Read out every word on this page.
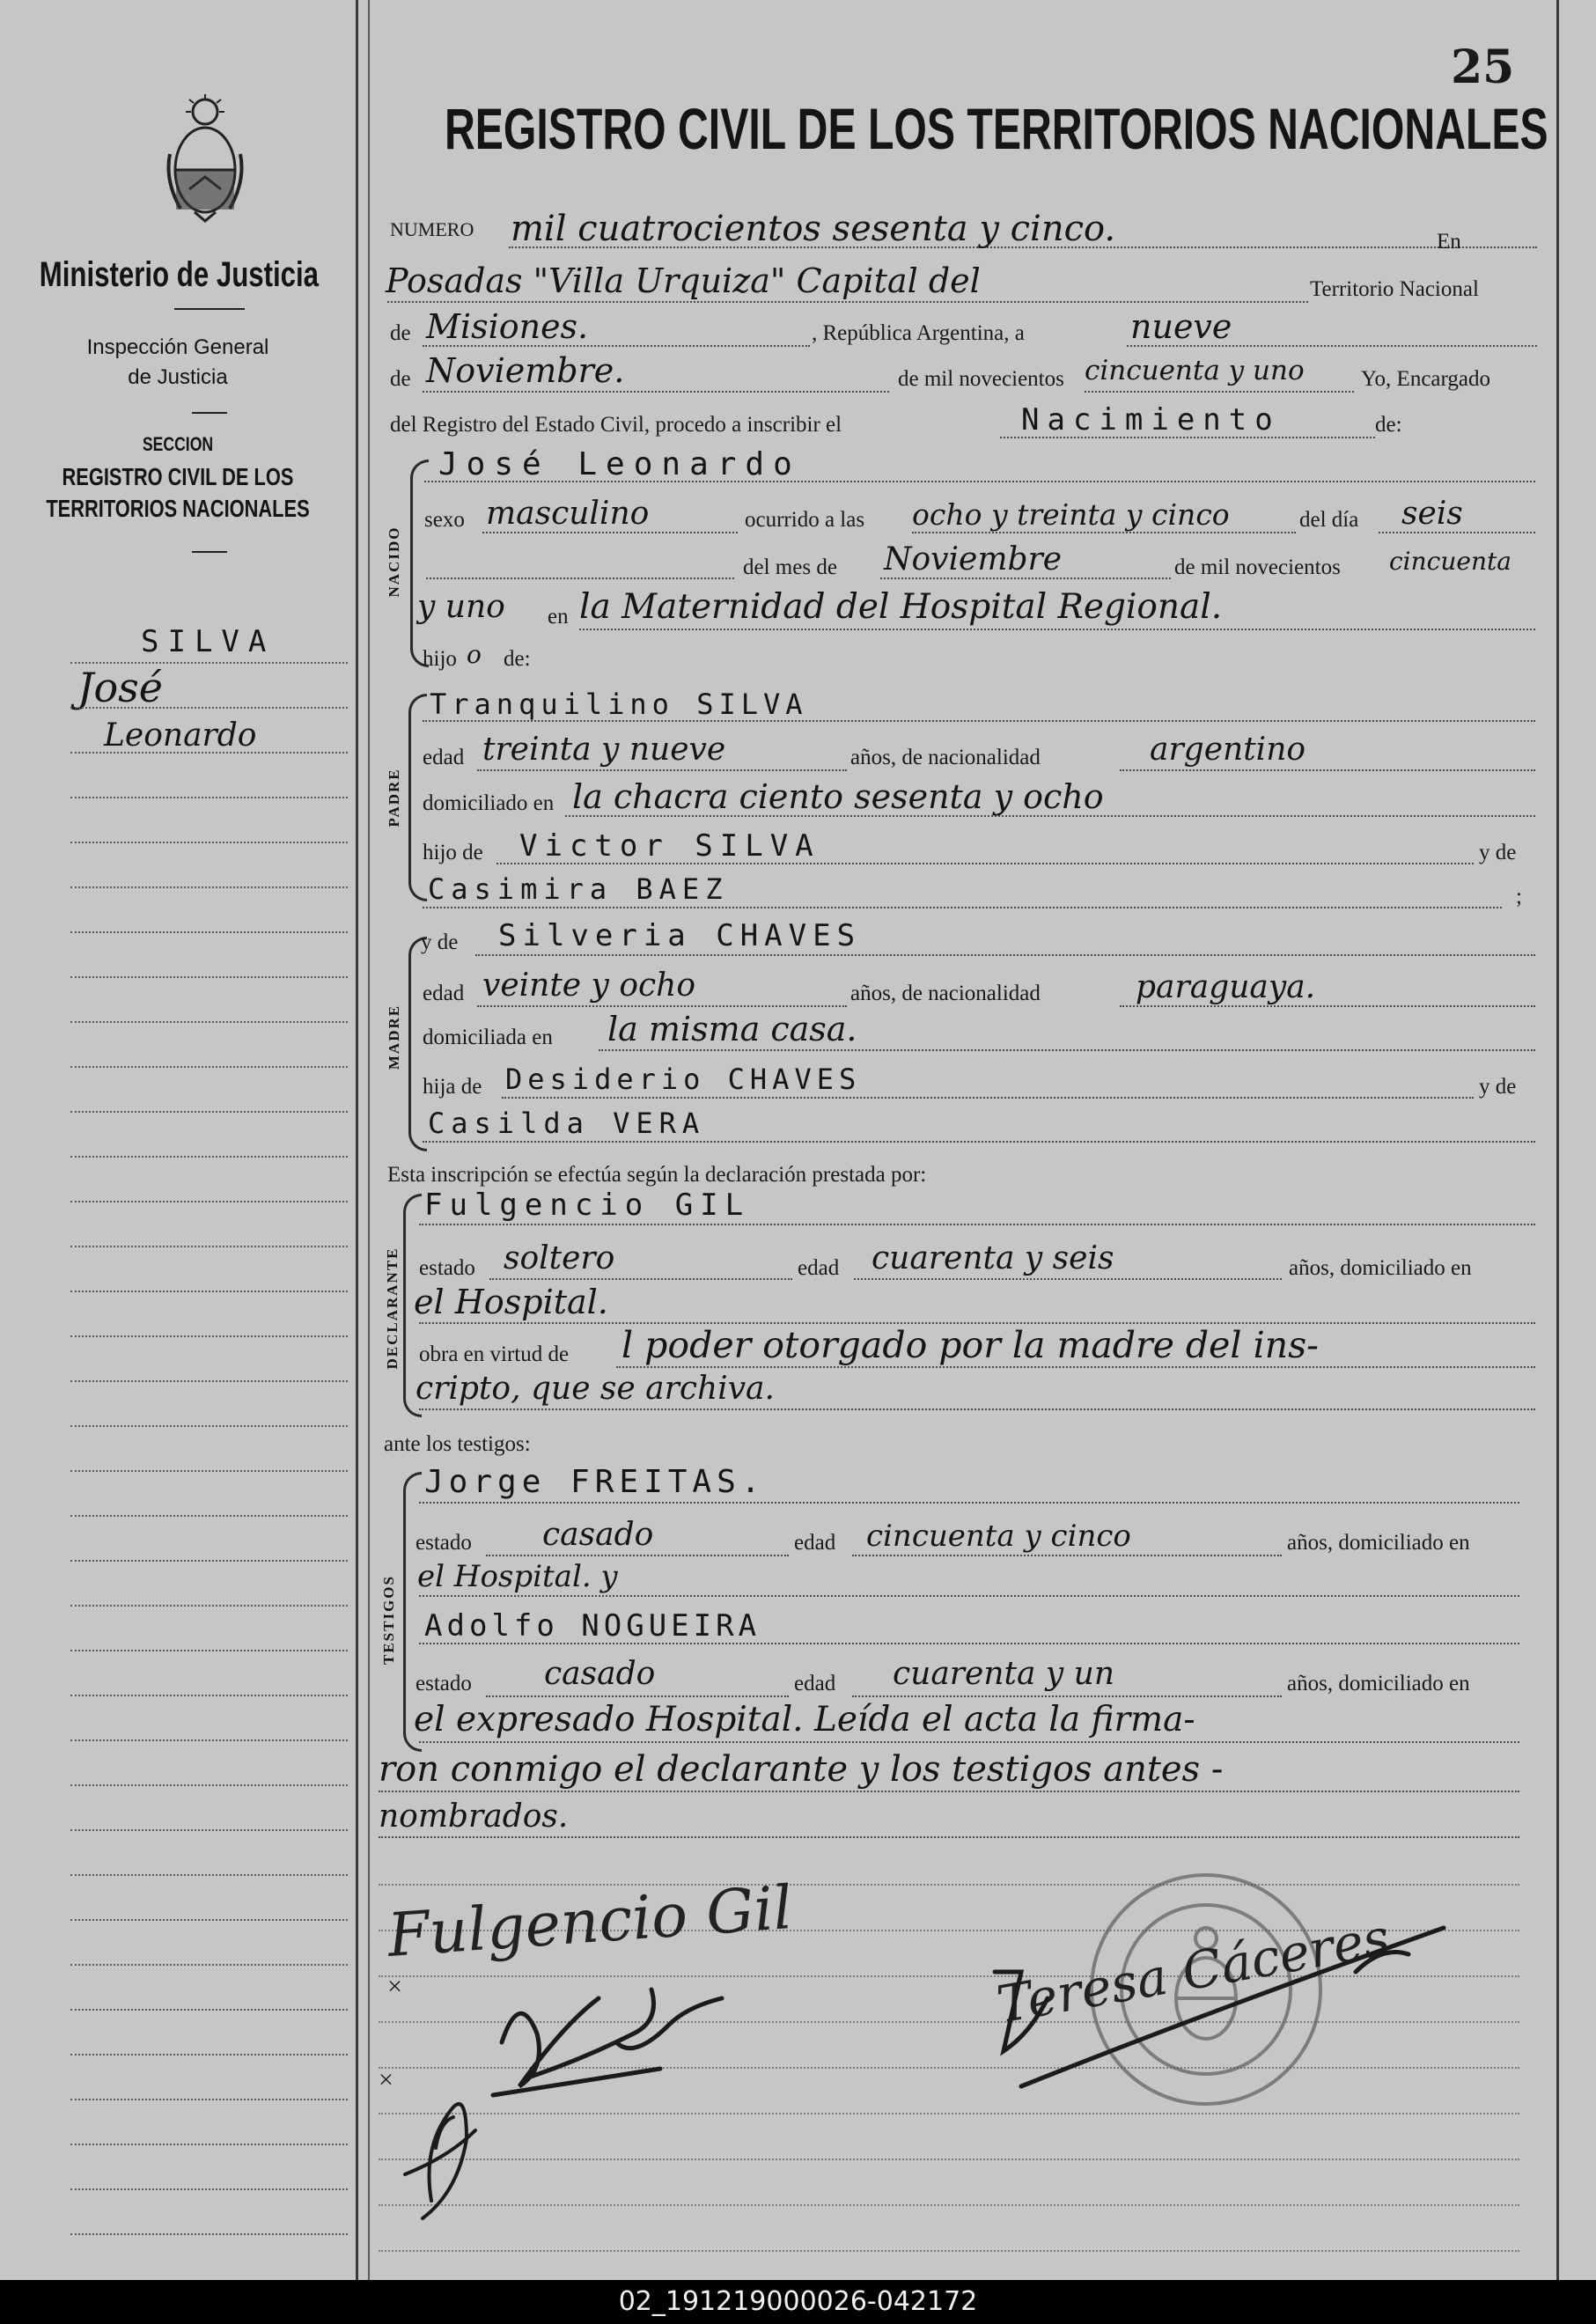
25
REGISTRO CIVIL DE LOS TERRITORIOS NACIONALES
Ministerio de Justicia
Inspección General
de Justicia
SECCION
REGISTRO CIVIL DE LOS
TERRITORIOS NACIONALES
SILVA
José
Leonardo
NUMERO mil cuatrocientos sesenta y cinco.	En
Posadas "Villa Urquiza" Capital del	Territorio Nacional
de Misiones.	, República Argentina, a	nueve
de Noviembre.	de mil novecientos cincuenta y uno	Yo, Encargado
del Registro del Estado Civil, procedo a inscribir el	Nacimiento	de:
NACIDO
José Leonardo
sexo masculino	ocurrido a las ocho y treinta y cinco	del día seis
del mes de Noviembre	de mil novecientos cincuenta
y uno en la Maternidad del Hospital Regional.
hijo o de:
PADRE
Tranquilino SILVA
edad treinta y nueve	años, de nacionalidad	argentino
domiciliado en la chacra ciento sesenta y ocho
hijo de Victor SILVA	y de
Casimira BAEZ	;
MADRE
y de Silveria CHAVES
edad veinte y ocho	años, de nacionalidad	paraguaya.
domiciliada en la misma casa.
hija de Desiderio CHAVES	y de
Casilda VERA
Esta inscripción se efectúa según la declaración prestada por:
DECLARANTE
Fulgencio GIL
estado soltero	edad cuarenta y seis	años, domiciliado en
el Hospital.
obra en virtud de l poder otorgado por la madre del ins-
cripto, que se archiva.
ante los testigos:
TESTIGOS
Jorge FREITAS.
estado casado	edad cincuenta y cinco	años, domiciliado en
el Hospital. y
Adolfo NOGUEIRA
estado casado	edad cuarenta y un	años, domiciliado en
el expresado Hospital. Leída el acta la firma-
ron conmigo el declarante y los testigos antes -
nombrados.
Fulgencio Gil
×
×
Teresa Cáceres
02_191219000026-042172
